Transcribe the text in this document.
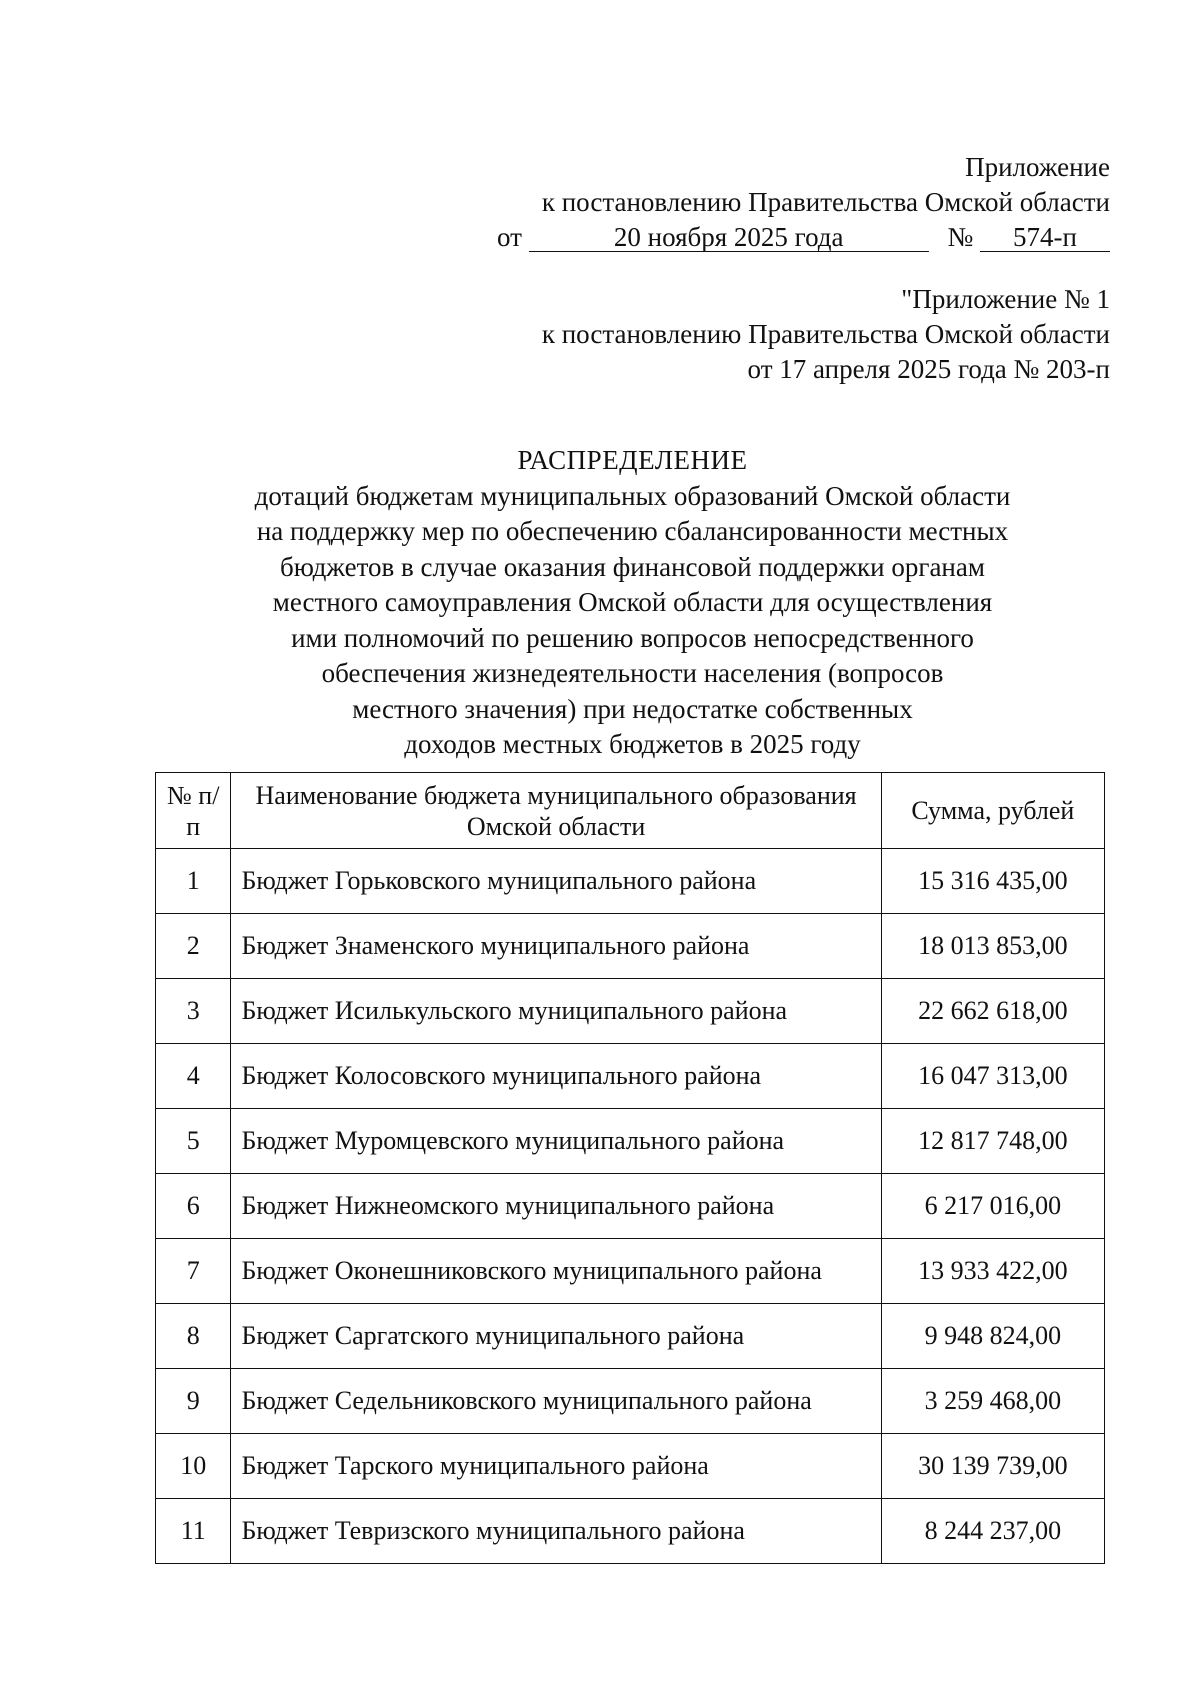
Приложение
к постановлению Правительства Омской области
от	20 ноября 2025 года	№ 574-п
"Приложение № 1
к постановлению Правительства Омской области
от 17 апреля 2025 года № 203-п
РАСПРЕДЕЛЕНИЕ
дотаций бюджетам муниципальных образований Омской области
на поддержку мер по обеспечению сбалансированности местных
бюджетов в случае оказания финансовой поддержки органам
местного самоуправления Омской области для осуществления
ими полномочий по решению вопросов непосредственного
обеспечения жизнедеятельности населения (вопросов
местного значения) при недостатке собственных
доходов местных бюджетов в 2025 году
№ п/п	Наименование бюджета муниципального образования Омской области	Сумма, рублей
1	Бюджет Горьковского муниципального района	15 316 435,00
2	Бюджет Знаменского муниципального района	18 013 853,00
3	Бюджет Исилькульского муниципального района	22 662 618,00
4	Бюджет Колосовского муниципального района	16 047 313,00
5	Бюджет Муромцевского муниципального района	12 817 748,00
6	Бюджет Нижнеомского муниципального района	6 217 016,00
7	Бюджет Оконешниковского муниципального района	13 933 422,00
8	Бюджет Саргатского муниципального района	9 948 824,00
9	Бюджет Седельниковского муниципального района	3 259 468,00
10	Бюджет Тарского муниципального района	30 139 739,00
11	Бюджет Тевризского муниципального района	8 244 237,00
